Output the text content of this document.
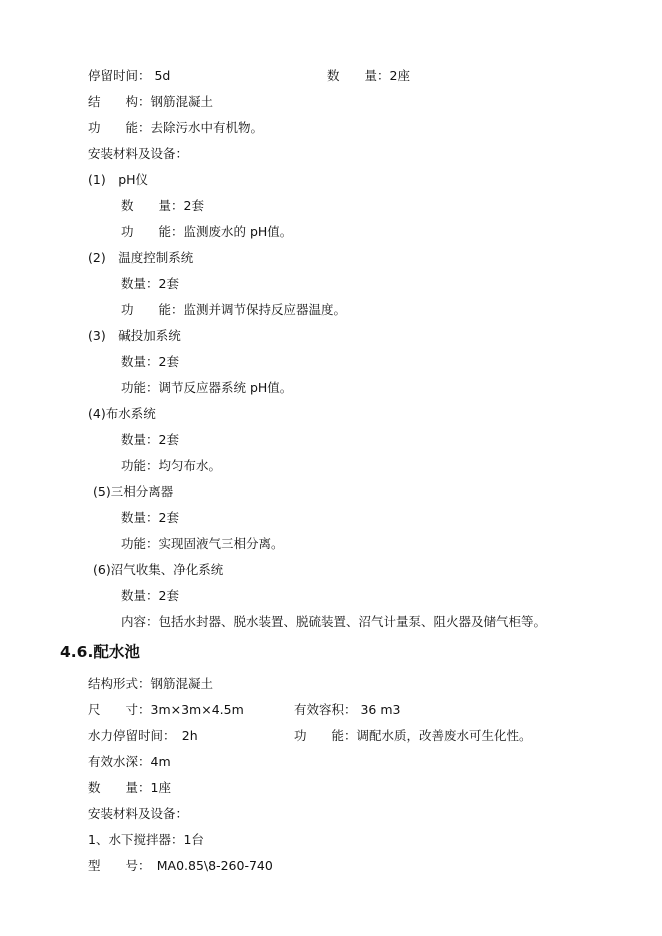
停留时间： 5d	数　　量：2座
结　　构：钢筋混凝土
功　　能：去除污水中有机物。
安装材料及设备：
(1)　pH仪
数　　量：2套
功　　能：监测废水的 pH值。
(2)　温度控制系统
数量：2套
功　　能：监测并调节保持反应器温度。
(3)　碱投加系统
数量：2套
功能：调节反应器系统 pH值。
(4)布水系统
数量：2套
功能：均匀布水。
(5)三相分离器
数量：2套
功能：实现固液气三相分离。
(6)沼气收集、净化系统
数量：2套
内容：包括水封器、脱水装置、脱硫装置、沼气计量泵、阻火器及储气柜等。
4.6.配水池
结构形式：钢筋混凝土
尺　　寸：3m×3m×4.5m	有效容积： 36 m3
水力停留时间：　2h	功　　能：调配水质，改善废水可生化性。
有效水深：4m
数　　量：1座
安装材料及设备：
1、水下搅拌器：1台
型　　号：　MA0.85\8-260-740
